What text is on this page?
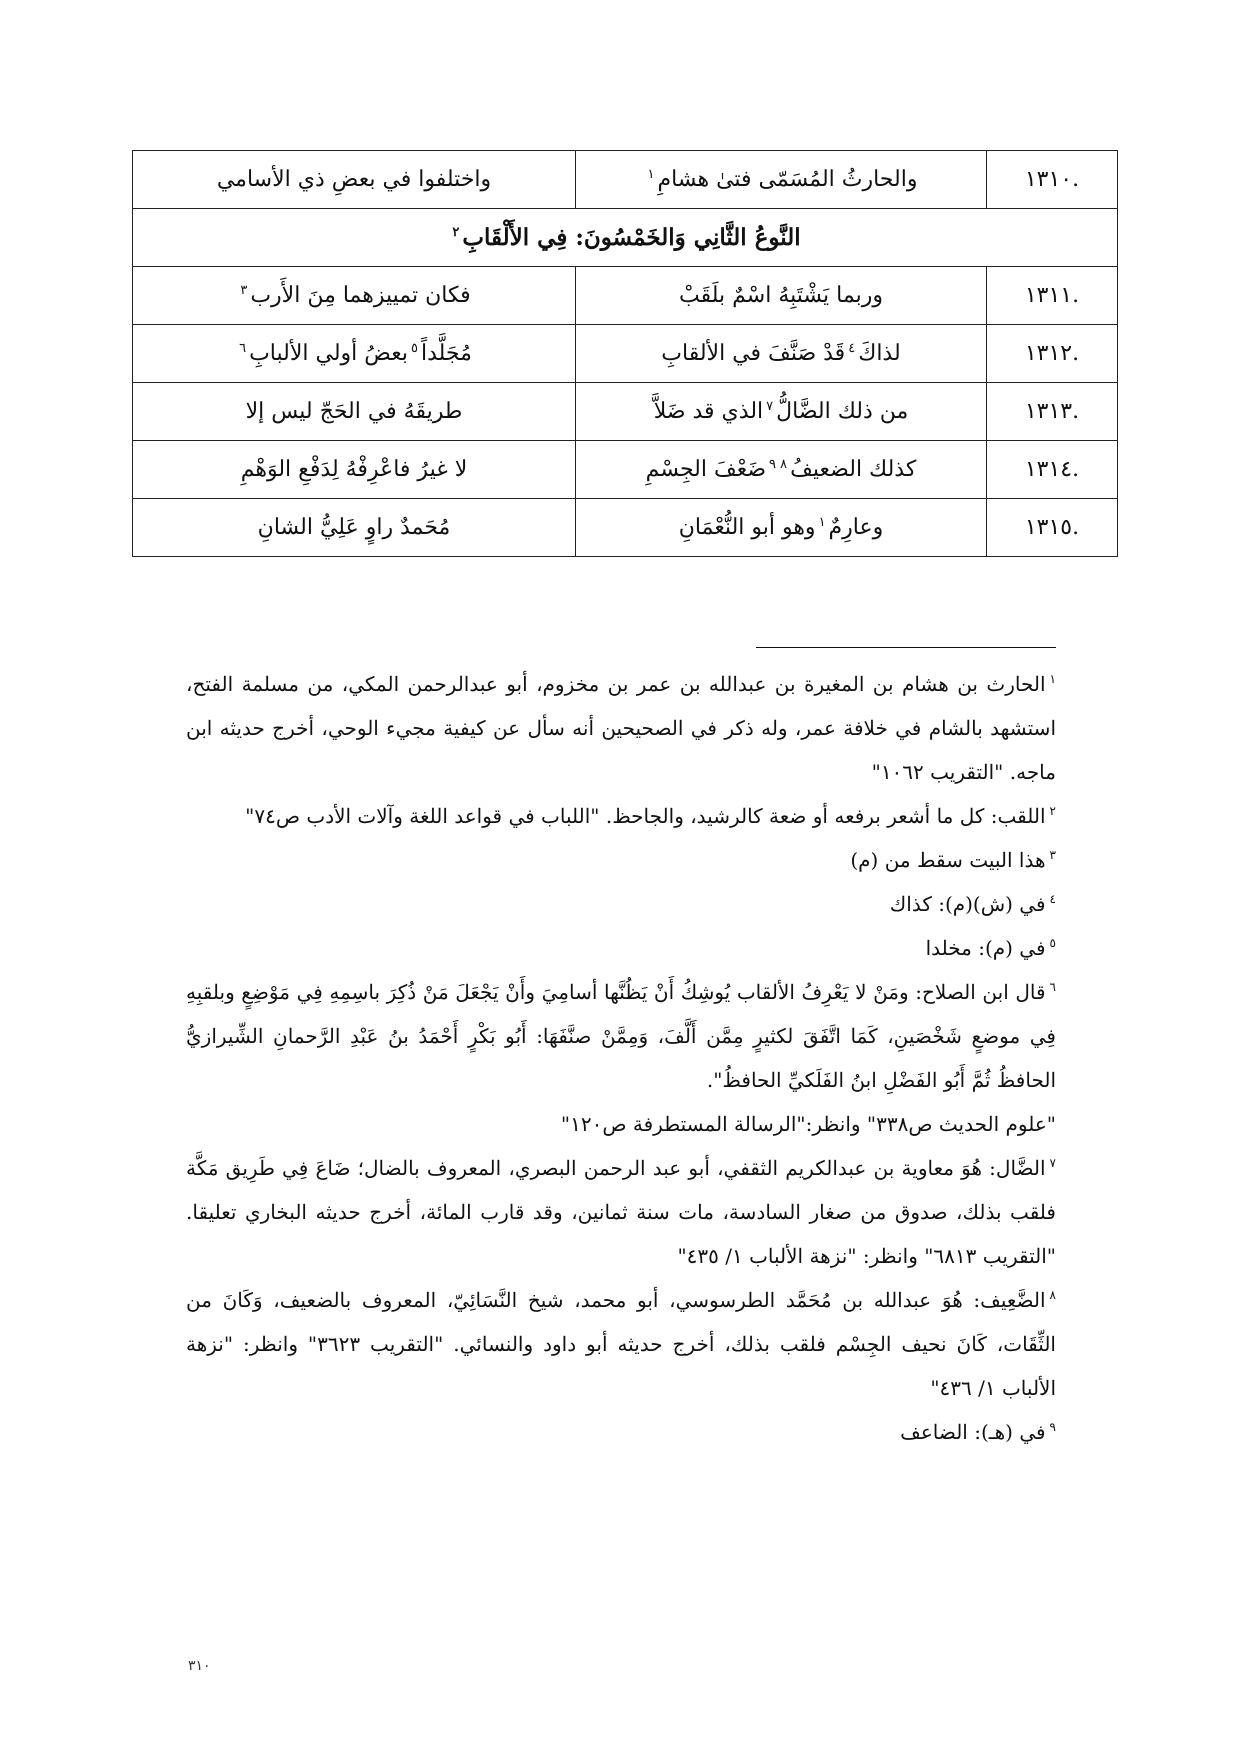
.١٣١٠	والحارثُ المُسَمّى فتىٰ هشامِ$^١$	واختلفوا في بعضِ ذي الأسامي
النَّوعُ الثَّانِي وَالخَمْسُونَ: فِي الأَلْقَابِ$^٢$
.١٣١١	وربما يَشْتَبِهُ اسْمٌ بلَقَبْ	فكان تمييزهما مِنَ الأَرب$^٣$
.١٣١٢	لذاكَ$^٤$قَدْ صَنَّفَ في الألقابِ	مُجَلَّداً$^٥$بعضُ أولي الألبابِ$^٦$
.١٣١٣	من ذلك الضَّالُّ$^٧$الذي قد ضَلاَّ	طريقَهُ في الحَجّ ليس إلا
.١٣١٤	كذلك الضعيفُ$^{٨ ٩}$ضَعْفَ الجِسْمِ	لا غيرُ فاعْرِفْهُ لِدَفْعِ الوَهْمِ
.١٣١٥	وعارِمٌ$^١$وهو أبو النُّعْمَانِ	مُحَمدٌ راوٍ عَلِيُّ الشانِ

$^١$الحارث بن هشام بن المغيرة بن عبدالله بن عمر بن مخزوم، أبو عبدالرحمن المكي، من مسلمة الفتح، استشهد بالشام في خلافة عمر، وله ذكر في الصحيحين أنه سأل عن كيفية مجيء الوحي، أخرج حديثه ابن ماجه. "التقريب ١٠٦٢"

$^٢$اللقب: كل ما أشعر برفعه أو ضعة كالرشيد، والجاحظ. "اللباب في قواعد اللغة وآلات الأدب ص٧٤"

$^٣$هذا البيت سقط من (م)

$^٤$في (ش)(م): كذاك

$^٥$في (م): مخلدا

$^٦$قال ابن الصلاح: ومَنْ لا يَعْرِفُ الألقاب يُوشِكُ أَنْ يَظُنَّها أسامِيَ وأَنْ يَجْعَلَ مَنْ ذُكِرَ باسِمِهِ فِي مَوْضِعٍ وبلقبِهِ فِي موضعٍ شَخْصَينِ، كَمَا اتَّفَقَ لكثيرٍ مِمَّن أَلَّفَ، وَمِمَّنْ صنَّفَهَا: أَبُو بَكْرٍ أَحْمَدُ بنُ عَبْدِ الرَّحمانِ الشِّيرازيُّ الحافظُ ثُمَّ أَبُو الفَضْلِ ابنُ الفَلَكيِّ الحافظُ".

"علوم الحديث ص٣٣٨" وانظر:"الرسالة المستطرفة ص١٢٠"

$^٧$الضَّال: هُوَ معاوية بن عبدالكريم الثقفي، أبو عبد الرحمن البصري، المعروف بالضال؛ ضَاعَ فِي طَرِيق مَكَّة فلقب بذلك، صدوق من صغار السادسة، مات سنة ثمانين، وقد قارب المائة، أخرج حديثه البخاري تعليقا. "التقريب ٦٨١٣" وانظر: "نزهة الألباب ١/ ٤٣٥"

$^٨$الضَّعِيف: هُوَ عبدالله بن مُحَمَّد الطرسوسي، أبو محمد، شيخ النَّسَائِيّ، المعروف بالضعيف، وَكَانَ من الثِّقَات، كَانَ نحيف الجِسْم فلقب بذلك، أخرج حديثه أبو داود والنسائي. "التقريب ٣٦٢٣" وانظر: "نزهة الألباب ١/ ٤٣٦"

$^٩$في (هـ): الضاعف

٣١٠
